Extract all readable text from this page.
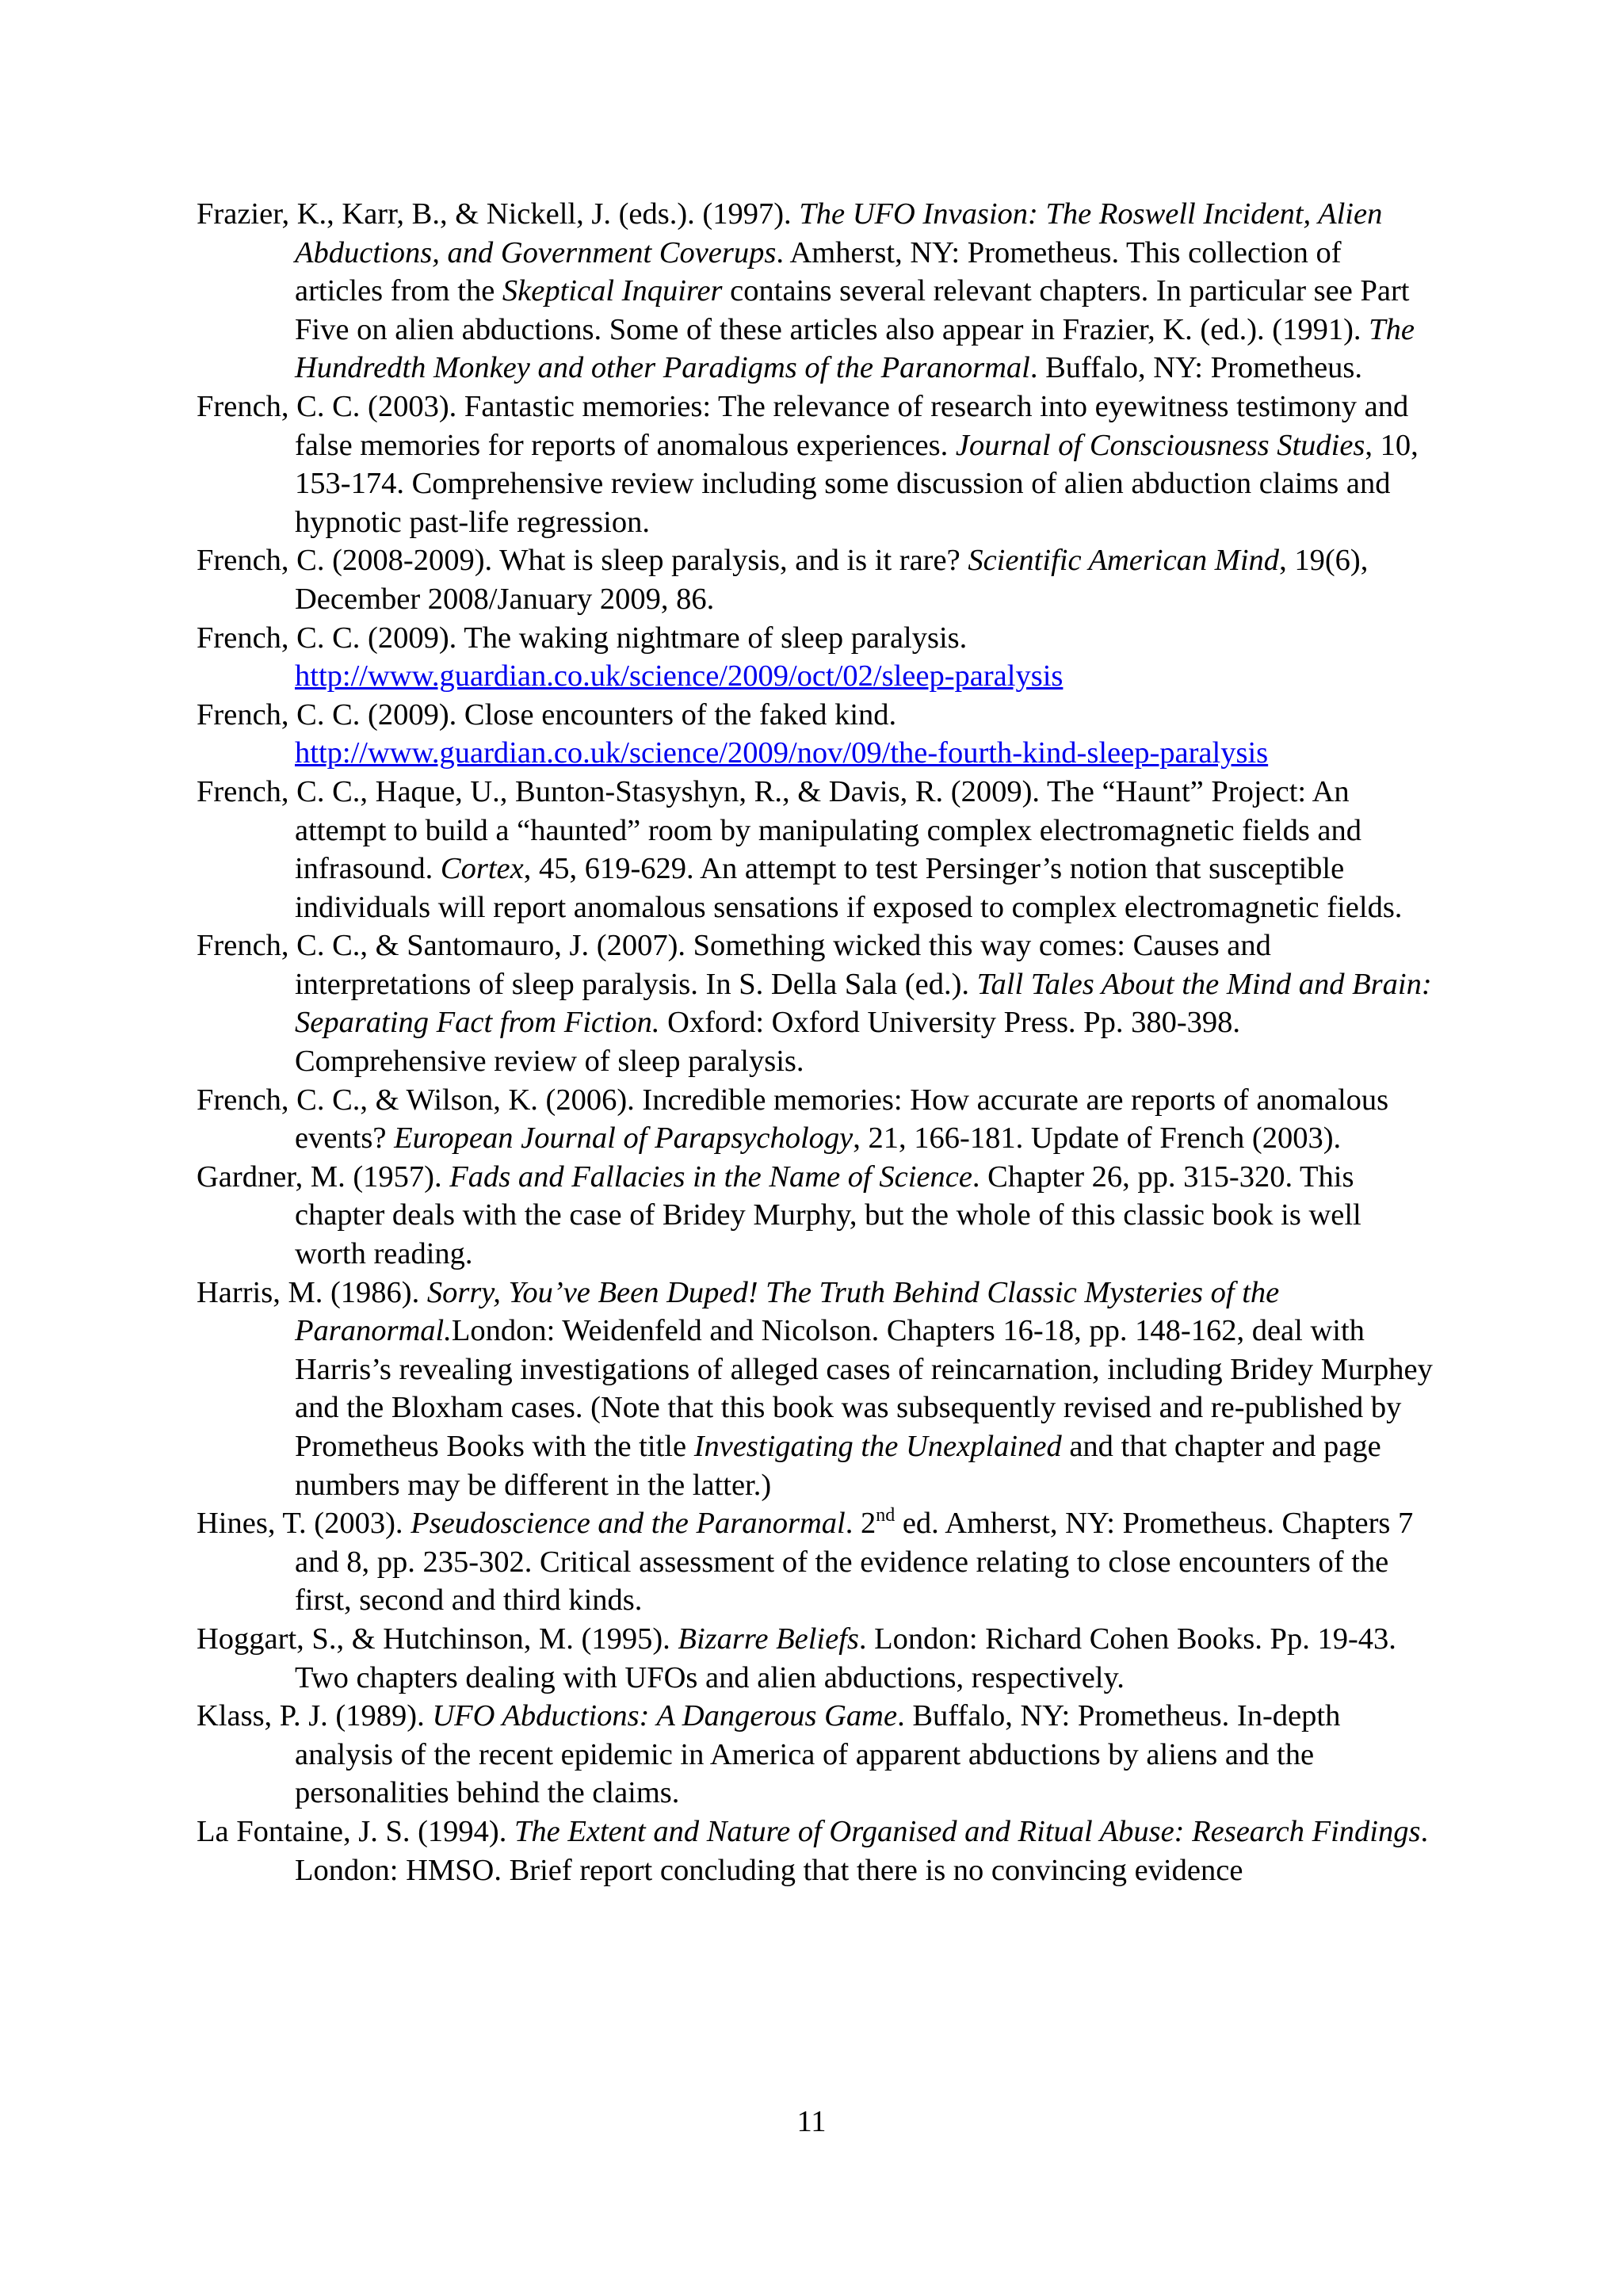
Frazier, K., Karr, B., & Nickell, J. (eds.). (1997). The UFO Invasion: The Roswell Incident, Alien Abductions, and Government Coverups. Amherst, NY: Prometheus. This collection of articles from the Skeptical Inquirer contains several relevant chapters. In particular see Part Five on alien abductions. Some of these articles also appear in Frazier, K. (ed.). (1991). The Hundredth Monkey and other Paradigms of the Paranormal. Buffalo, NY: Prometheus.

French, C. C. (2003). Fantastic memories: The relevance of research into eyewitness testimony and false memories for reports of anomalous experiences. Journal of Consciousness Studies, 10, 153-174. Comprehensive review including some discussion of alien abduction claims and hypnotic past-life regression.

French, C. (2008-2009). What is sleep paralysis, and is it rare? Scientific American Mind, 19(6), December 2008/January 2009, 86.

French, C. C. (2009). The waking nightmare of sleep paralysis.
http://www.guardian.co.uk/science/2009/oct/02/sleep-paralysis

French, C. C. (2009). Close encounters of the faked kind.
http://www.guardian.co.uk/science/2009/nov/09/the-fourth-kind-sleep-paralysis

French, C. C., Haque, U., Bunton-Stasyshyn, R., & Davis, R. (2009). The “Haunt” Project: An attempt to build a “haunted” room by manipulating complex electromagnetic fields and infrasound. Cortex, 45, 619-629. An attempt to test Persinger’s notion that susceptible individuals will report anomalous sensations if exposed to complex electromagnetic fields.

French, C. C., & Santomauro, J. (2007). Something wicked this way comes: Causes and interpretations of sleep paralysis. In S. Della Sala (ed.). Tall Tales About the Mind and Brain: Separating Fact from Fiction. Oxford: Oxford University Press. Pp. 380-398. Comprehensive review of sleep paralysis.

French, C. C., & Wilson, K. (2006). Incredible memories: How accurate are reports of anomalous events? European Journal of Parapsychology, 21, 166-181. Update of French (2003).

Gardner, M. (1957). Fads and Fallacies in the Name of Science. Chapter 26, pp. 315-320. This chapter deals with the case of Bridey Murphy, but the whole of this classic book is well worth reading.

Harris, M. (1986). Sorry, You’ve Been Duped! The Truth Behind Classic Mysteries of the Paranormal.London: Weidenfeld and Nicolson. Chapters 16-18, pp. 148-162, deal with Harris’s revealing investigations of alleged cases of reincarnation, including Bridey Murphey and the Bloxham cases. (Note that this book was subsequently revised and re-published by Prometheus Books with the title Investigating the Unexplained and that chapter and page numbers may be different in the latter.)

Hines, T. (2003). Pseudoscience and the Paranormal. 2nd ed. Amherst, NY: Prometheus. Chapters 7 and 8, pp. 235-302. Critical assessment of the evidence relating to close encounters of the first, second and third kinds.

Hoggart, S., & Hutchinson, M. (1995). Bizarre Beliefs. London: Richard Cohen Books. Pp. 19-43. Two chapters dealing with UFOs and alien abductions, respectively.

Klass, P. J. (1989). UFO Abductions: A Dangerous Game. Buffalo, NY: Prometheus. In-depth analysis of the recent epidemic in America of apparent abductions by aliens and the personalities behind the claims.

La Fontaine, J. S. (1994). The Extent and Nature of Organised and Ritual Abuse: Research Findings. London: HMSO. Brief report concluding that there is no convincing evidence

11
